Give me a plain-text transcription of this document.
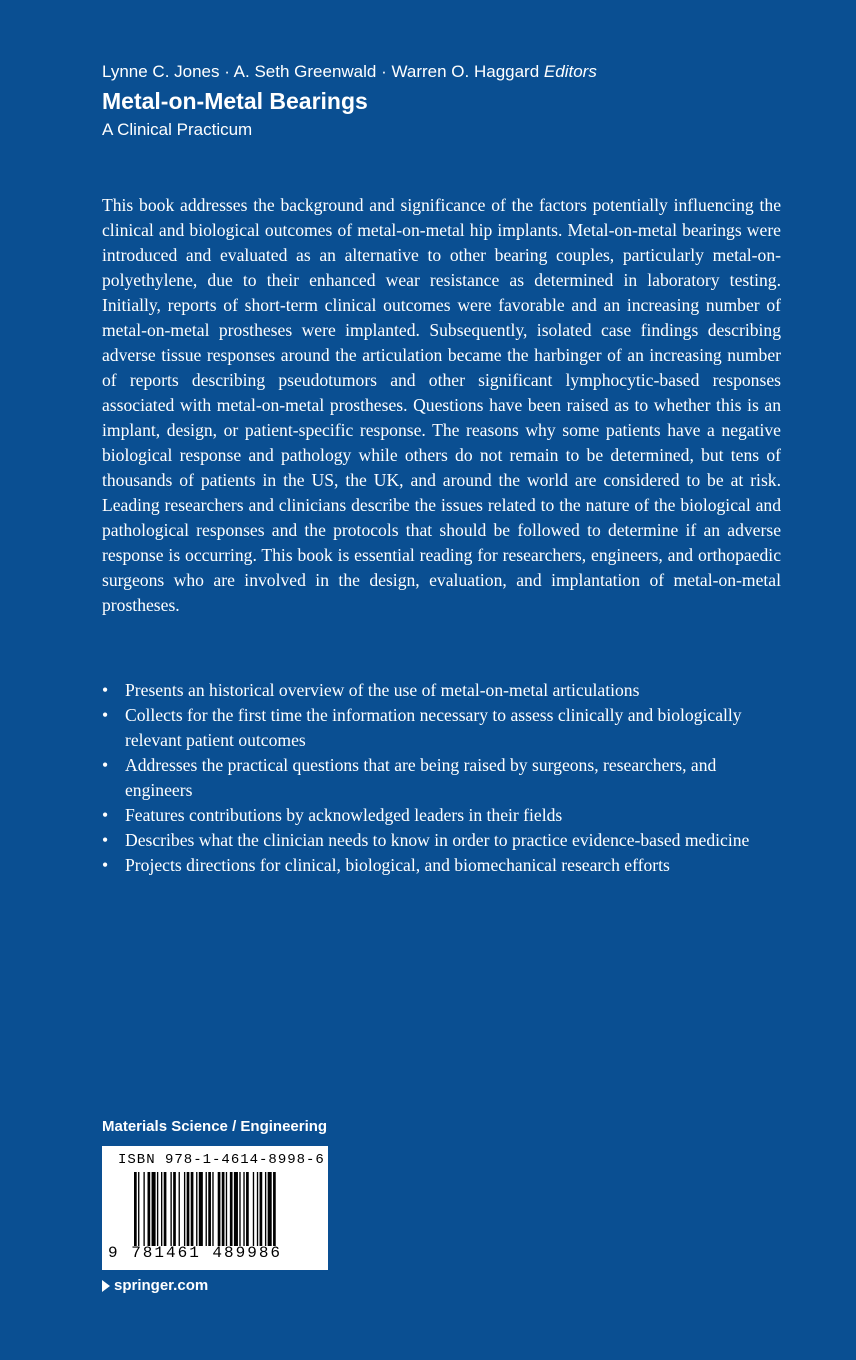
Lynne C. Jones · A. Seth Greenwald · Warren O. Haggard Editors
Metal-on-Metal Bearings
A Clinical Practicum

This book addresses the background and significance of the factors potentially influencing the clinical and biological outcomes of metal-on-metal hip implants. Metal-on-metal bearings were introduced and evaluated as an alternative to other bearing couples, particularly metal-on-polyethylene, due to their enhanced wear resistance as determined in laboratory testing. Initially, reports of short-term clinical outcomes were favorable and an increasing number of metal-on-metal prostheses were implanted. Subsequently, isolated case findings describing adverse tissue responses around the articulation became the harbinger of an increasing number of reports describing pseudotumors and other significant lymphocytic-based responses associated with metal-on-metal prostheses. Questions have been raised as to whether this is an implant, design, or patient-specific response. The reasons why some patients have a negative biological response and pathology while others do not remain to be determined, but tens of thousands of patients in the US, the UK, and around the world are considered to be at risk. Leading researchers and clinicians describe the issues related to the nature of the biological and pathological responses and the protocols that should be followed to determine if an adverse response is occurring. This book is essential reading for researchers, engineers, and orthopaedic surgeons who are involved in the design, evaluation, and implantation of metal-on-metal prostheses.

• Presents an historical overview of the use of metal-on-metal articulations
• Collects for the first time the information necessary to assess clinically and biologically relevant patient outcomes
• Addresses the practical questions that are being raised by surgeons, researchers, and engineers
• Features contributions by acknowledged leaders in their fields
• Describes what the clinician needs to know in order to practice evidence-based medicine
• Projects directions for clinical, biological, and biomechanical research efforts
Materials Science / Engineering
ISBN 978-1-4614-8998-6
9 781461 489986
springer.com
